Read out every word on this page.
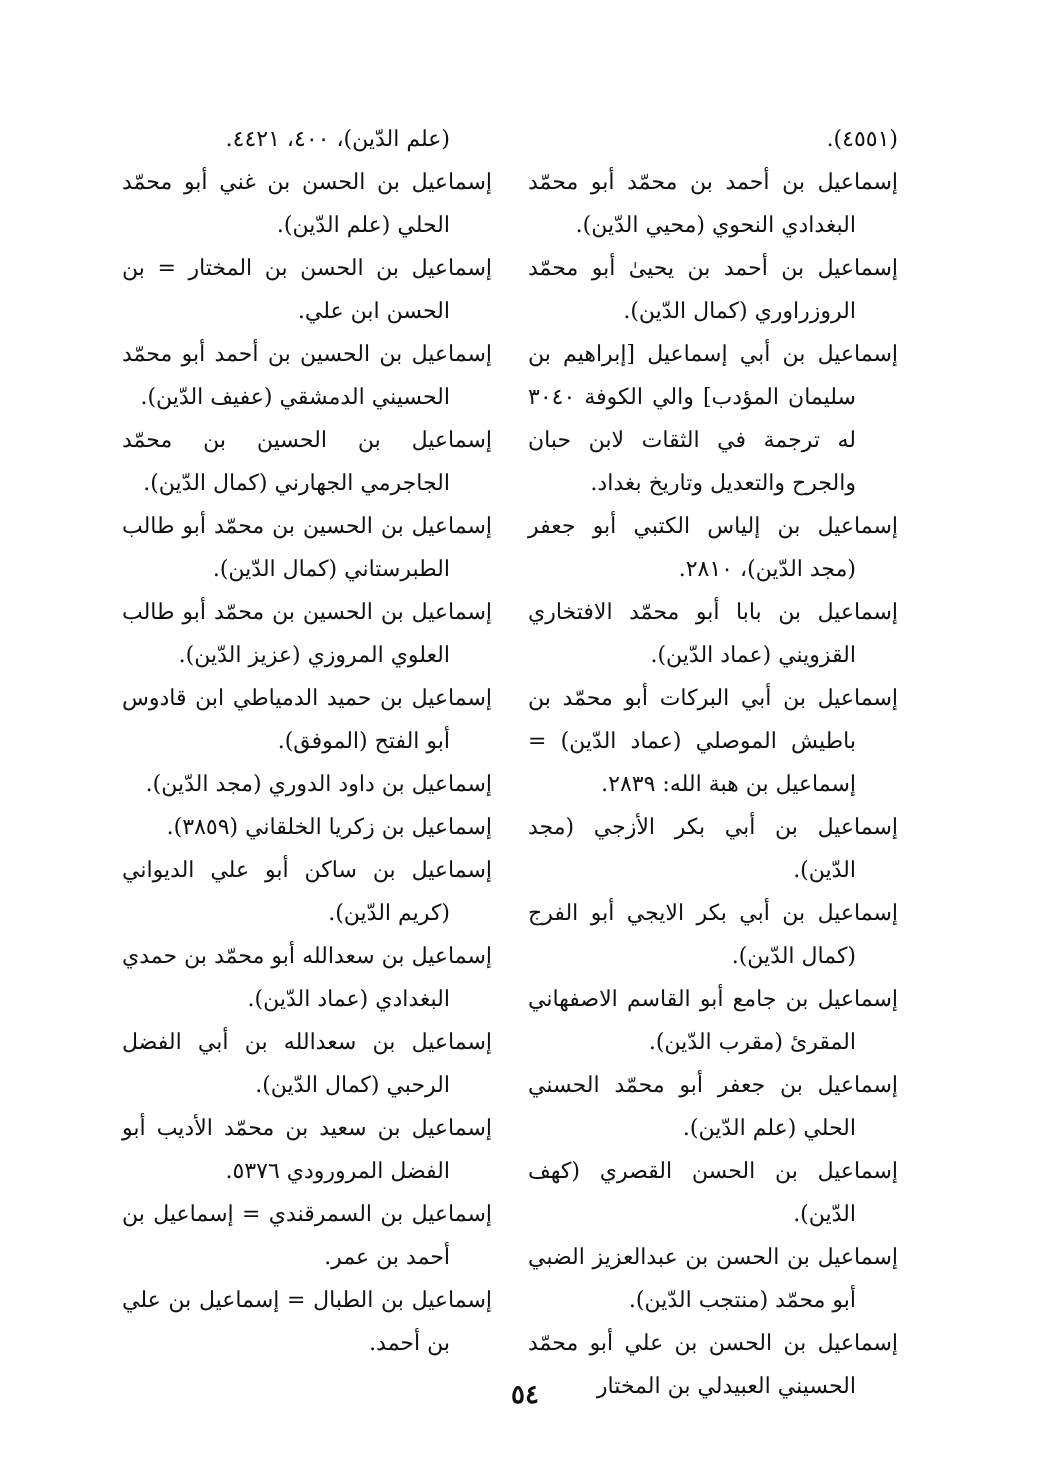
(٤٥٥١).

إسماعيل بن أحمد بن محمّد أبو محمّد البغدادي النحوي (محيي الدّين).

إسماعيل بن أحمد بن يحيىٰ أبو محمّد الروزراوري (كمال الدّين).

إسماعيل بن أبي إسماعيل [إبراهيم بن سليمان المؤدب] والي الكوفة ٣٠٤٠ له ترجمة في الثقات لابن حبان والجرح والتعديل وتاريخ بغداد.

إسماعيل بن إلياس الكتبي أبو جعفر (مجد الدّين)، ٢٨١٠.

إسماعيل بن بابا أبو محمّد الافتخاري القزويني (عماد الدّين).

إسماعيل بن أبي البركات أبو محمّد بن باطيش الموصلي (عماد الدّين) = إسماعيل بن هبة الله: ٢٨٣٩.

إسماعيل بن أبي بكر الأزجي (مجد الدّين).

إسماعيل بن أبي بكر الايجي أبو الفرج (كمال الدّين).

إسماعيل بن جامع أبو القاسم الاصفهاني المقرئ (مقرب الدّين).

إسماعيل بن جعفر أبو محمّد الحسني الحلي (علم الدّين).

إسماعيل بن الحسن القصري (كهف الدّين).

إسماعيل بن الحسن بن عبدالعزيز الضبي أبو محمّد (منتجب الدّين).

إسماعيل بن الحسن بن علي أبو محمّد الحسيني العبيدلي بن المختار

(علم الدّين)، ٤٠٠، ٤٤٢١.

إسماعيل بن الحسن بن غني أبو محمّد الحلي (علم الدّين).

إسماعيل بن الحسن بن المختار = بن الحسن ابن علي.

إسماعيل بن الحسين بن أحمد أبو محمّد الحسيني الدمشقي (عفيف الدّين).

إسماعيل بن الحسين بن محمّد الجاجرمي الجهارني (كمال الدّين).

إسماعيل بن الحسين بن محمّد أبو طالب الطبرستاني (كمال الدّين).

إسماعيل بن الحسين بن محمّد أبو طالب العلوي المروزي (عزيز الدّين).

إسماعيل بن حميد الدمياطي ابن قادوس أبو الفتح (الموفق).

إسماعيل بن داود الدوري (مجد الدّين).

إسماعيل بن زكريا الخلقاني (٣٨٥٩).

إسماعيل بن ساكن أبو علي الديواني (كريم الدّين).

إسماعيل بن سعدالله أبو محمّد بن حمدي البغدادي (عماد الدّين).

إسماعيل بن سعدالله بن أبي الفضل الرحبي (كمال الدّين).

إسماعيل بن سعيد بن محمّد الأديب أبو الفضل المرورودي ٥٣٧٦.

إسماعيل بن السمرقندي = إسماعيل بن أحمد بن عمر.

إسماعيل بن الطبال = إسماعيل بن علي بن أحمد.

٥٤
